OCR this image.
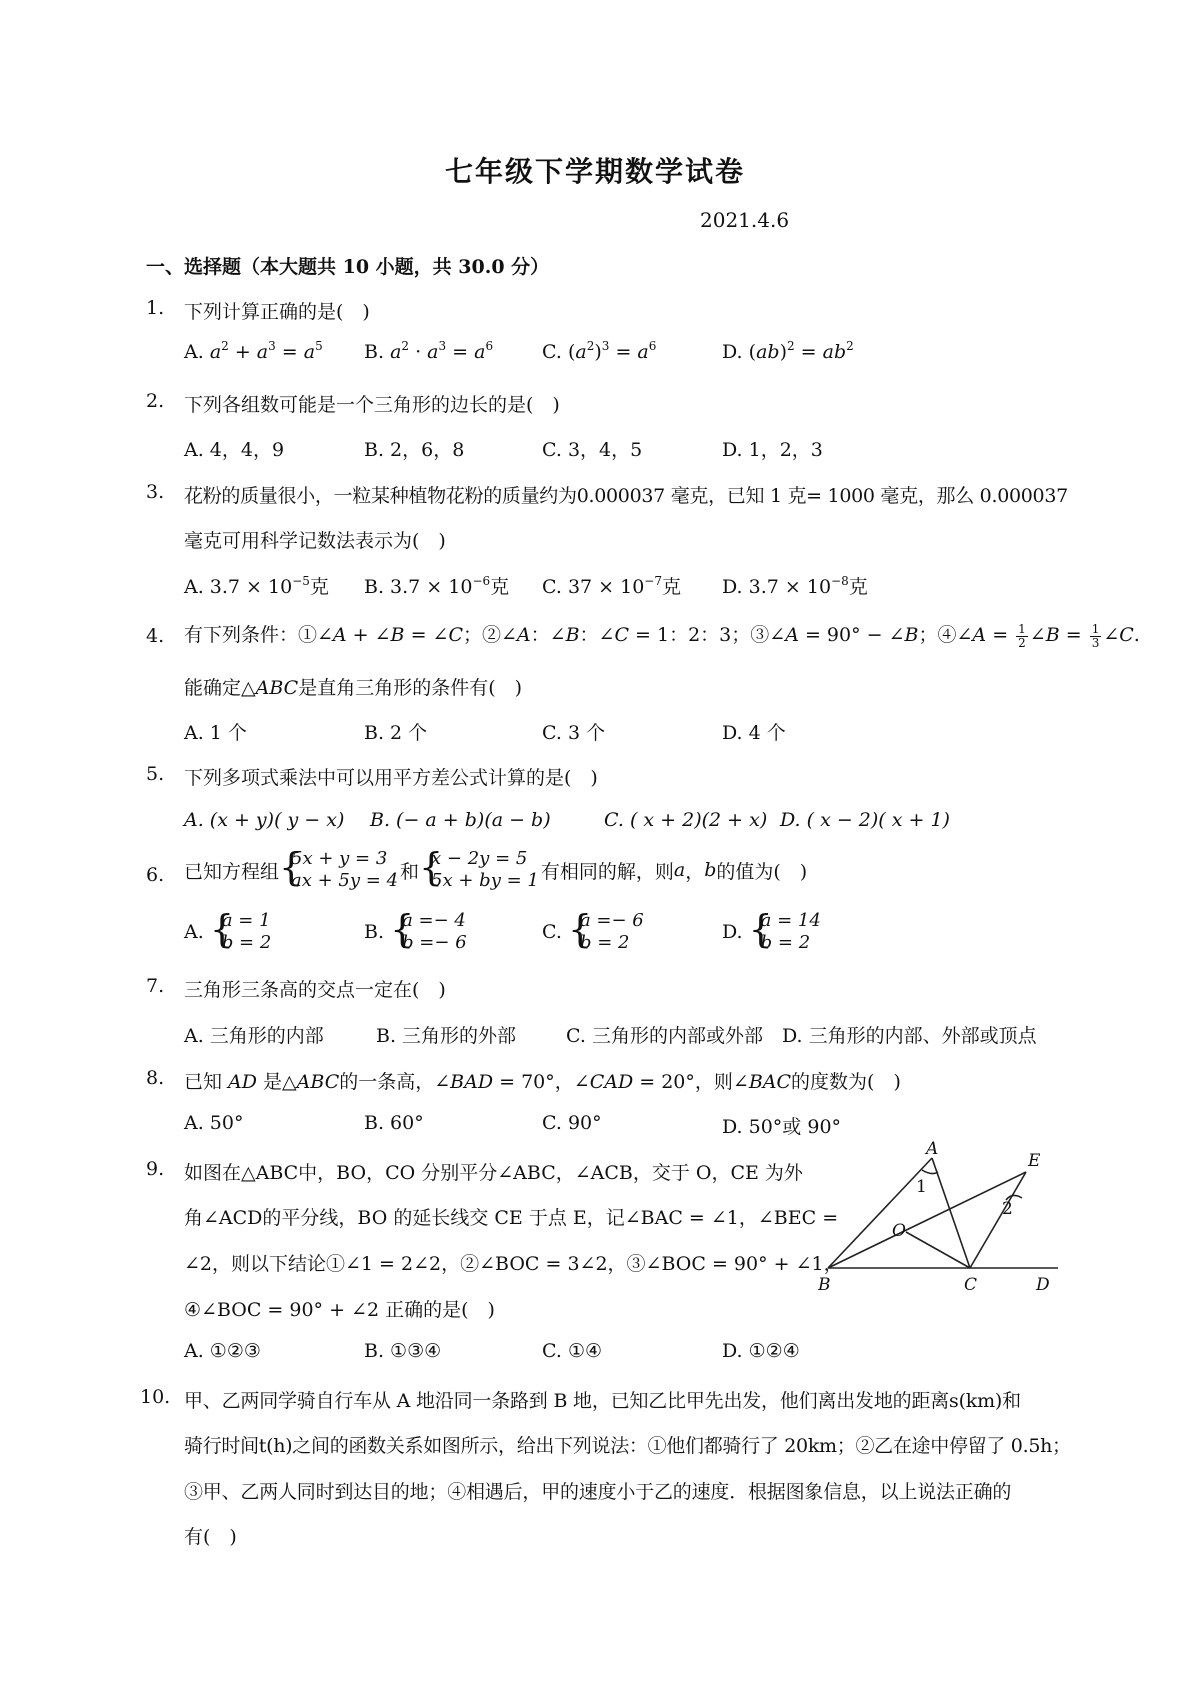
七年级下学期数学试卷
2021.4.6
一、选择题（本大题共 10 小题，共 30.0 分）
1. 下列计算正确的是(　)
A. $a^2 + a^3 = a^5$ B. $a^2 \cdot a^3 = a^6$	C. $(a^2)^3 = a^6$	D. $(ab)^2 = ab^2$
2. 下列各组数可能是一个三角形的边长的是(　)
A. 4，4，9	B. 2，6，8	C. 3，4，5	D. 1，2，3
3. 花粉的质量很小，一粒某种植物花粉的质量约为0.000037 毫克，已知 1 克= 1000 毫克，那么 0.000037
毫克可用科学记数法表示为(　)
A. $3.7 \times 10^{-5}$克 B. $3.7 \times 10^{-6}$克 C. $37 \times 10^{-7}$克 D. $3.7 \times 10^{-8}$克
4. 有下列条件：①∠A + ∠B = ∠C；②∠A：∠B：∠C = 1：2：3；③∠A = 90° − ∠B；④∠A = $\frac{1}{2}$ ∠B = $\frac{1}{3}$ ∠C.
能确定△ABC是直角三角形的条件有(　)
A. 1 个	B. 2 个	C. 3 个	D. 4 个
5. 下列多项式乘法中可以用平方差公式计算的是(　)
A. (x + y)( y − x) B. (− a + b)(a − b)	C. ( x + 2)(2 + x) D. ( x − 2)( x + 1)
6. 已知方程组 {
5x + y = 3
ax + 5y = 4 和 {
x − 2y = 5
5x + by = 1 有相同的解，则 a ， b 的值为(　)
A.
{
a = 1
b = 2	B.
{
a =− 4
b =− 6	C.
{
a =− 6
b = 2	D.
{
a = 14
b = 2
7. 三角形三条高的交点一定在(　)
A. 三角形的内部	B. 三角形的外部	C. 三角形的内部或外部 D. 三角形的内部、外部或顶点
8. 已知 AD 是△ABC的一条高，∠BAD = 70°，∠CAD = 20°，则∠BAC的度数为(　)
A. 50°	B. 60°	C. 90°	D. 50°或 90°
9. 如图在△ABC中，BO，CO 分别平分∠ABC，∠ACB，交于 O，CE 为外
角∠ACD的平分线，BO 的延长线交 CE 于点 E，记∠BAC = ∠1，∠BEC =
∠2，则以下结论①∠1 = 2∠2，②∠BOC = 3∠2，③∠BOC = 90° + ∠1，
④∠BOC = 90° + ∠2 正确的是(　)
A. ①②③	B. ①③④	C. ①④	D. ①②④
A
B	C	D
E
O
1
2
10. 甲、乙两同学骑自行车从 A 地沿同一条路到 B 地，已知乙比甲先出发，他们离出发地的距离s(km)和
骑行时间t(h)之间的函数关系如图所示，给出下列说法：①他们都骑行了 20km；②乙在途中停留了 0.5h；
③甲、乙两人同时到达目的地；④相遇后，甲的速度小于乙的速度．根据图象信息，以上说法正确的
有(　)
